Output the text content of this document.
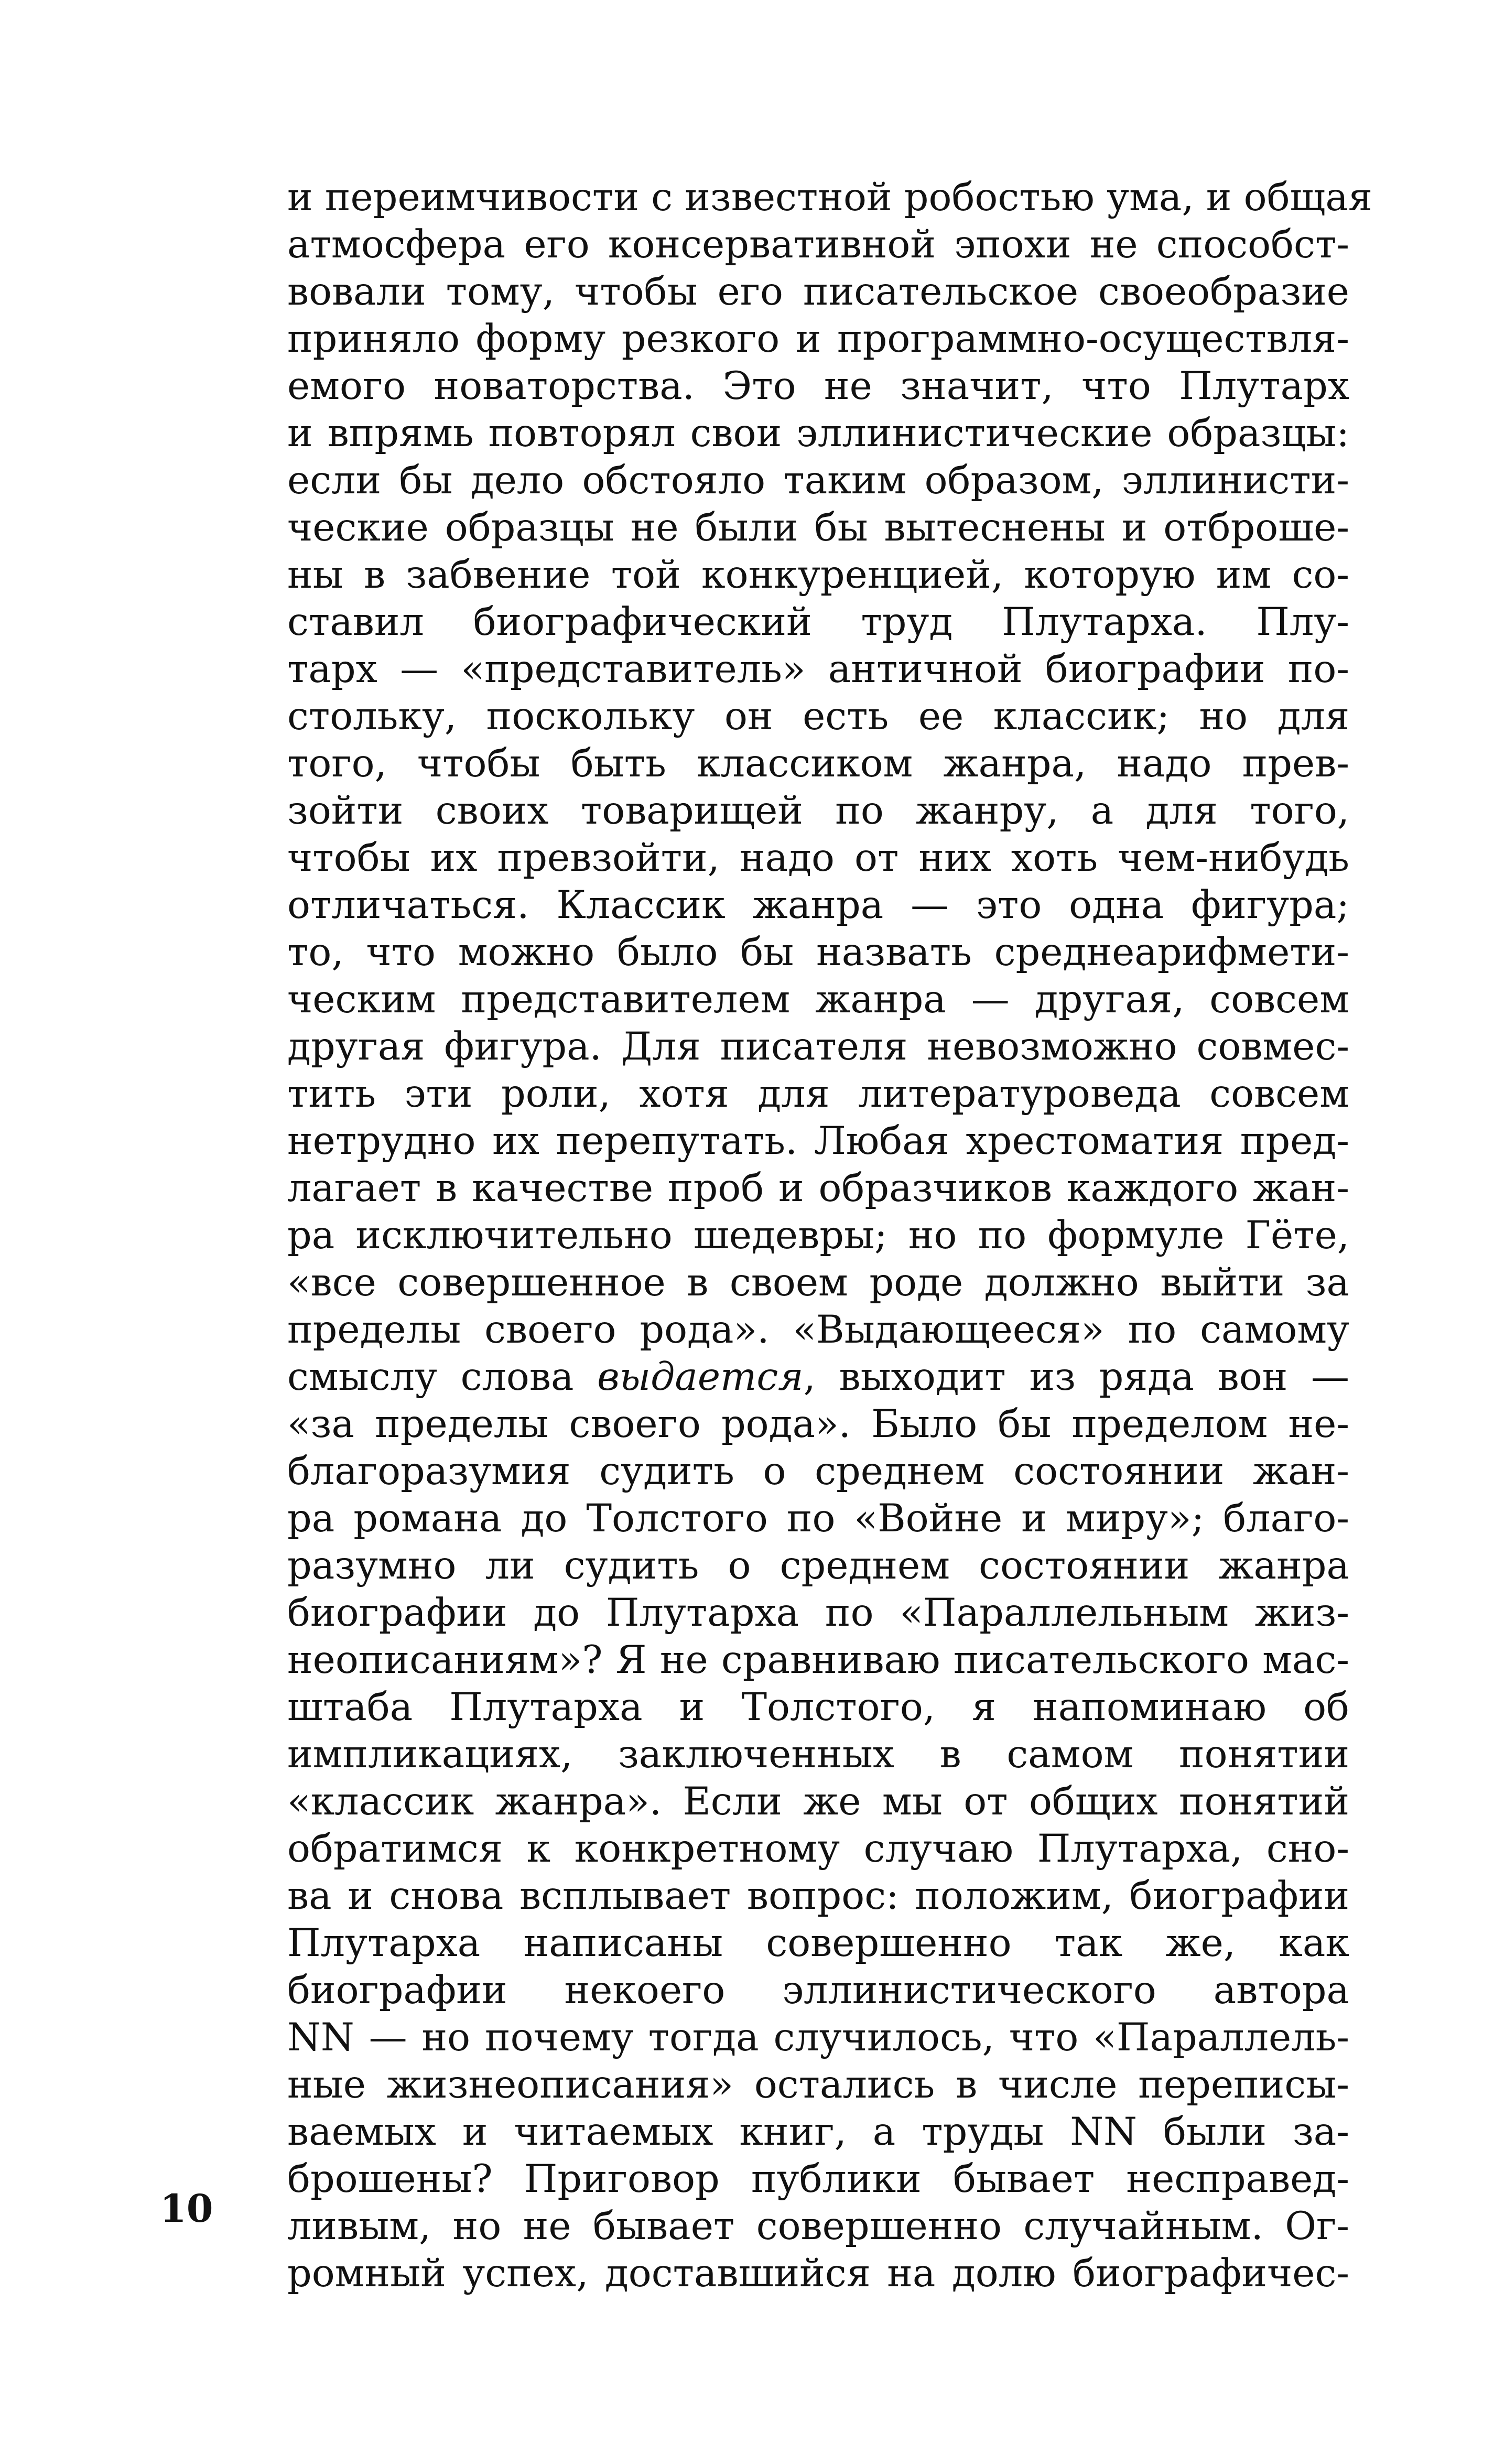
и переимчивости с известной робостью ума, и общая
атмосфера его консервативной эпохи не способст-
вовали тому, чтобы его писательское своеобразие
приняло форму резкого и программно-осуществля-
емого новаторства. Это не значит, что Плутарх
и впрямь повторял свои эллинистические образцы:
если бы дело обстояло таким образом, эллинисти-
ческие образцы не были бы вытеснены и отброше-
ны в забвение той конкуренцией, которую им со-
ставил биографический труд Плутарха. Плу-
тарх — «представитель» античной биографии по-
стольку, поскольку он есть ее классик; но для
того, чтобы быть классиком жанра, надо прев-
зойти своих товарищей по жанру, а для того,
чтобы их превзойти, надо от них хоть чем-нибудь
отличаться. Классик жанра — это одна фигура;
то, что можно было бы назвать среднеарифмети-
ческим представителем жанра — другая, совсем
другая фигура. Для писателя невозможно совмес-
тить эти роли, хотя для литературоведа совсем
нетрудно их перепутать. Любая хрестоматия пред-
лагает в качестве проб и образчиков каждого жан-
ра исключительно шедевры; но по формуле Гёте,
«все совершенное в своем роде должно выйти за
пределы своего рода». «Выдающееся» по самому
смыслу слова выдается, выходит из ряда вон —
«за пределы своего рода». Было бы пределом не-
благоразумия судить о среднем состоянии жан-
ра романа до Толстого по «Войне и миру»; благо-
разумно ли судить о среднем состоянии жанра
биографии до Плутарха по «Параллельным жиз-
неописаниям»? Я не сравниваю писательского мас-
штаба Плутарха и Толстого, я напоминаю об
импликациях, заключенных в самом понятии
«классик жанра». Если же мы от общих понятий
обратимся к конкретному случаю Плутарха, сно-
ва и снова всплывает вопрос: положим, биографии
Плутарха написаны совершенно так же, как
биографии некоего эллинистического автора
NN — но почему тогда случилось, что «Параллель-
ные жизнеописания» остались в числе переписы-
ваемых и читаемых книг, а труды NN были за-
брошены? Приговор публики бывает несправед-
ливым, но не бывает совершенно случайным. Ог-
ромный успех, доставшийся на долю биографичес-
10
